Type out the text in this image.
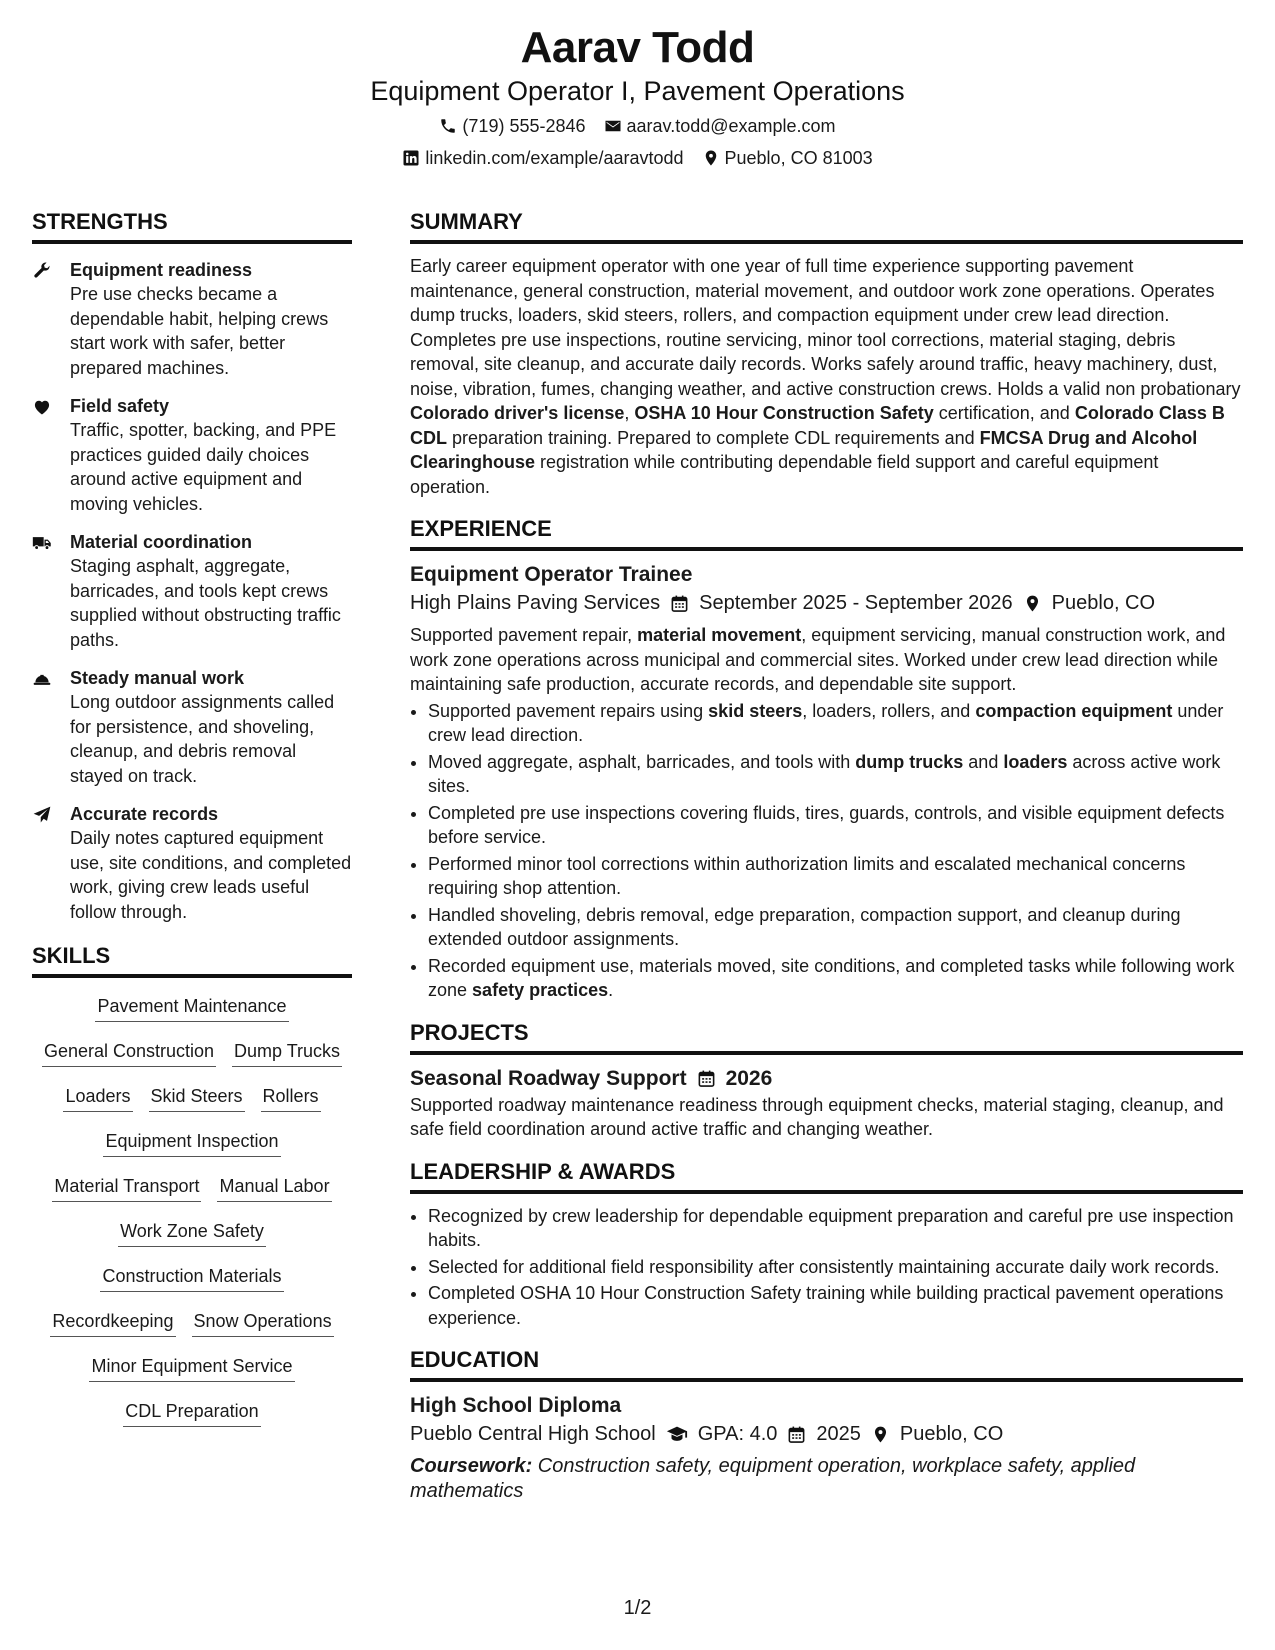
Aarav Todd
Equipment Operator I, Pavement Operations
(719) 555-2846 aarav.todd@example.com
linkedin.com/example/aaravtodd Pueblo, CO 81003
STRENGTHS
Equipment readiness
Pre use checks became a dependable habit, helping crews start work with safer, better prepared machines.
Field safety
Traffic, spotter, backing, and PPE practices guided daily choices around active equipment and moving vehicles.
Material coordination
Staging asphalt, aggregate, barricades, and tools kept crews supplied without obstructing traffic paths.
Steady manual work
Long outdoor assignments called for persistence, and shoveling, cleanup, and debris removal stayed on track.
Accurate records
Daily notes captured equipment use, site conditions, and completed work, giving crew leads useful follow through.
SKILLS
Pavement Maintenance
General Construction Dump Trucks
Loaders Skid Steers Rollers
Equipment Inspection
Material Transport Manual Labor
Work Zone Safety
Construction Materials
Recordkeeping Snow Operations
Minor Equipment Service
CDL Preparation
SUMMARY
Early career equipment operator with one year of full time experience supporting pavement maintenance, general construction, material movement, and outdoor work zone operations. Operates dump trucks, loaders, skid steers, rollers, and compaction equipment under crew lead direction. Completes pre use inspections, routine servicing, minor tool corrections, material staging, debris removal, site cleanup, and accurate daily records. Works safely around traffic, heavy machinery, dust, noise, vibration, fumes, changing weather, and active construction crews. Holds a valid non probationary Colorado driver's license, OSHA 10 Hour Construction Safety certification, and Colorado Class B CDL preparation training. Prepared to complete CDL requirements and FMCSA Drug and Alcohol Clearinghouse registration while contributing dependable field support and careful equipment operation.
EXPERIENCE
Equipment Operator Trainee
High Plains Paving Services September 2025 - September 2026 Pueblo, CO
Supported pavement repair, material movement, equipment servicing, manual construction work, and work zone operations across municipal and commercial sites. Worked under crew lead direction while maintaining safe production, accurate records, and dependable site support.
• Supported pavement repairs using skid steers, loaders, rollers, and compaction equipment under crew lead direction.
• Moved aggregate, asphalt, barricades, and tools with dump trucks and loaders across active work sites.
• Completed pre use inspections covering fluids, tires, guards, controls, and visible equipment defects before service.
• Performed minor tool corrections within authorization limits and escalated mechanical concerns requiring shop attention.
• Handled shoveling, debris removal, edge preparation, compaction support, and cleanup during extended outdoor assignments.
• Recorded equipment use, materials moved, site conditions, and completed tasks while following work zone safety practices.
PROJECTS
Seasonal Roadway Support 2026
Supported roadway maintenance readiness through equipment checks, material staging, cleanup, and safe field coordination around active traffic and changing weather.
LEADERSHIP & AWARDS
• Recognized by crew leadership for dependable equipment preparation and careful pre use inspection habits.
• Selected for additional field responsibility after consistently maintaining accurate daily work records.
• Completed OSHA 10 Hour Construction Safety training while building practical pavement operations experience.
EDUCATION
High School Diploma
Pueblo Central High School GPA: 4.0 2025 Pueblo, CO
Coursework: Construction safety, equipment operation, workplace safety, applied mathematics
1/2
